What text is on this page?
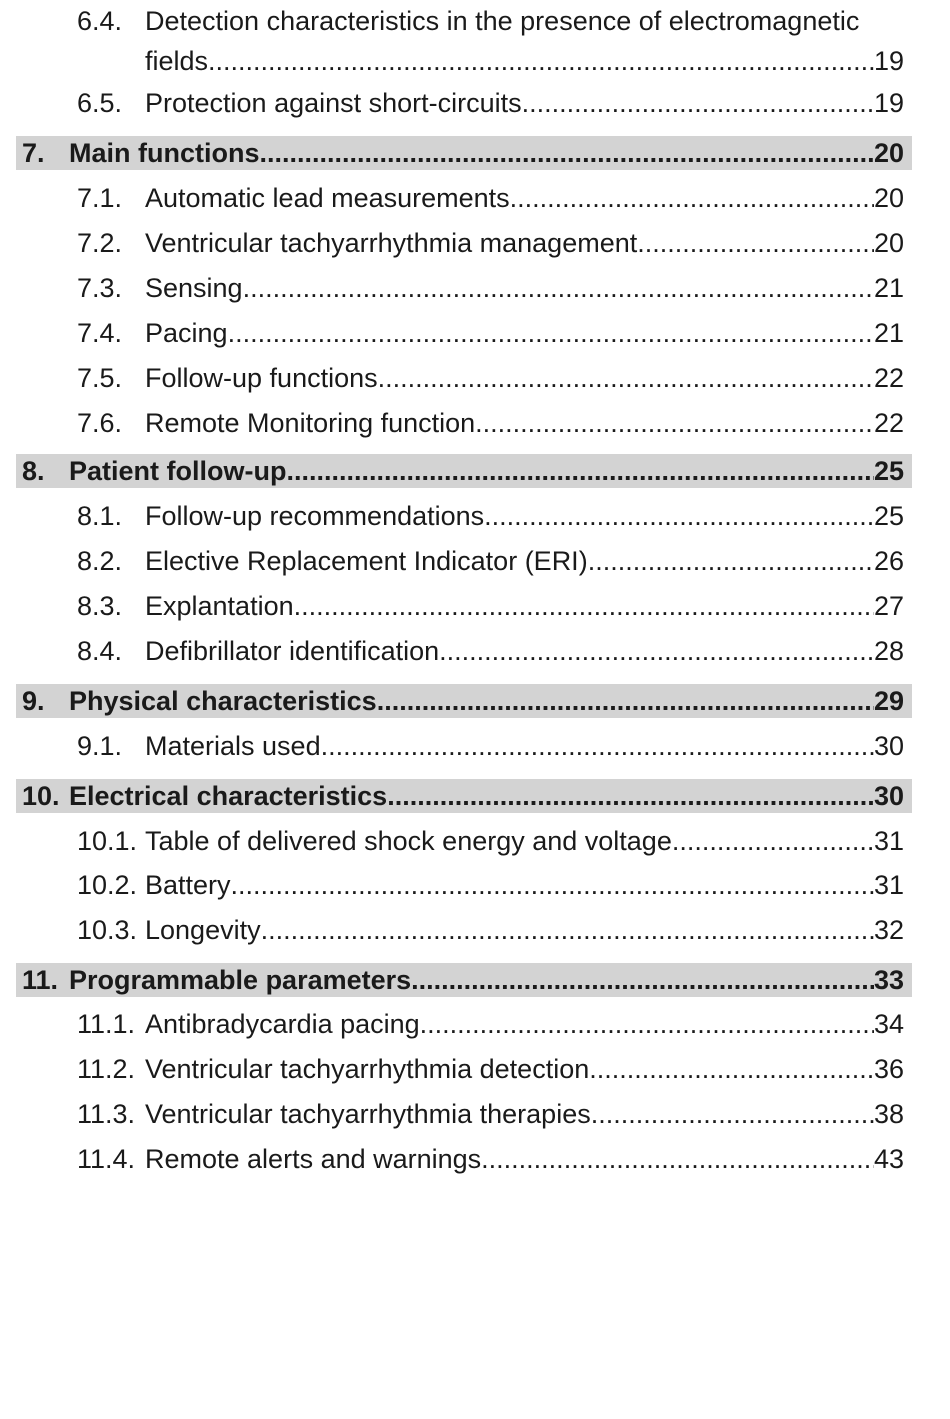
6.4. Detection characteristics in the presence of electromagnetic
fields .....	19
6.5. Protection against short-circuits .....	19
7. Main functions .....	20
7.1. Automatic lead measurements .....	20
7.2. Ventricular tachyarrhythmia management .....	20
7.3. Sensing .....	21
7.4. Pacing .....	21
7.5. Follow-up functions .....	22
7.6. Remote Monitoring function .....	22
8. Patient follow-up .....	25
8.1. Follow-up recommendations .....	25
8.2. Elective Replacement Indicator (ERI) .....	26
8.3. Explantation .....	27
8.4. Defibrillator identification .....	28
9. Physical characteristics .....	29
9.1. Materials used .....	30
10. Electrical characteristics .....	30
10.1. Table of delivered shock energy and voltage .....	31
10.2. Battery .....	31
10.3. Longevity .....	32
11. Programmable parameters .....	33
11.1. Antibradycardia pacing .....	34
11.2. Ventricular tachyarrhythmia detection .....	36
11.3. Ventricular tachyarrhythmia therapies .....	38
11.4. Remote alerts and warnings .....	43
